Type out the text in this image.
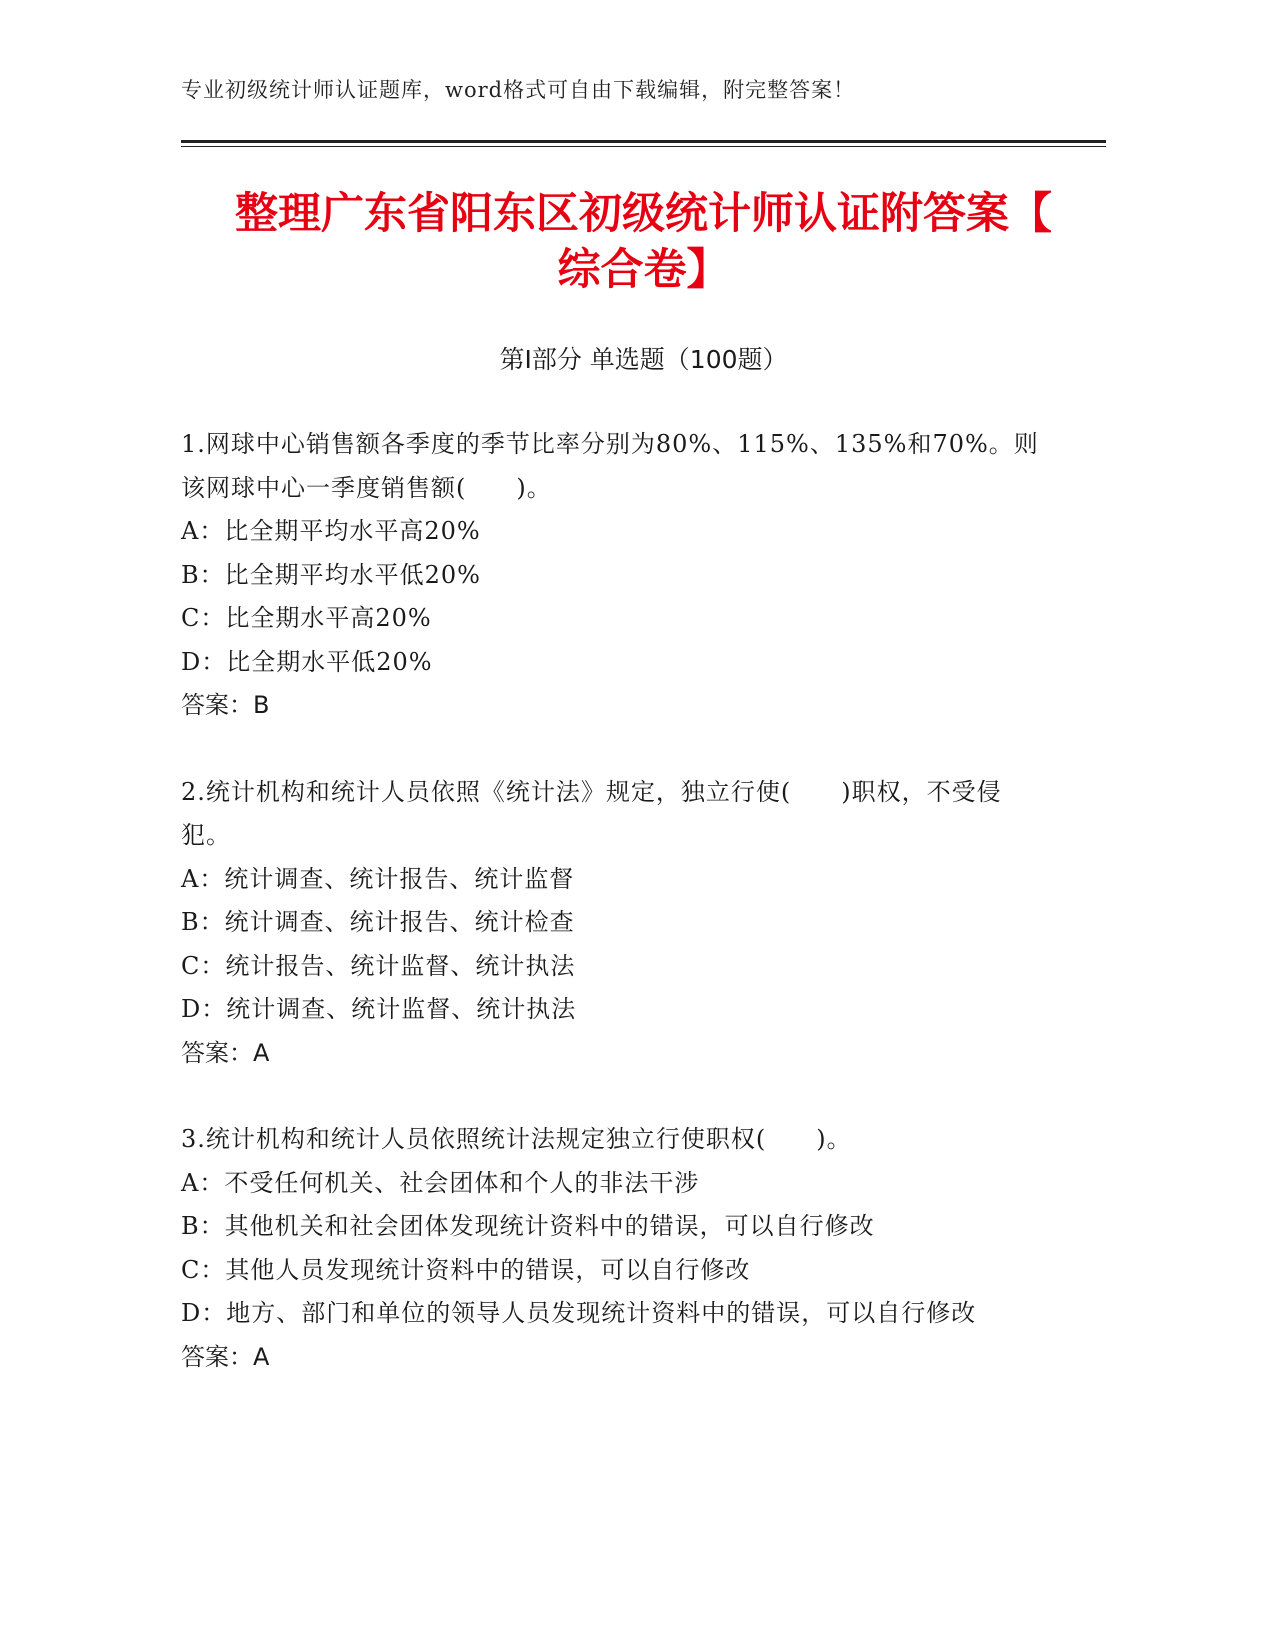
专业初级统计师认证题库，word格式可自由下载编辑，附完整答案！
整理广东省阳东区初级统计师认证附答案【
综合卷】
第Ⅰ部分 单选题（100题）

1.网球中心销售额各季度的季节比率分别为80%、115%、135%和70%。则该网球中心一季度销售额(　　)。

A：比全期平均水平高20%

B：比全期平均水平低20%

C：比全期水平高20%

D：比全期水平低20%

答案：B

2.统计机构和统计人员依照《统计法》规定，独立行使(　　)职权，不受侵犯。

A：统计调查、统计报告、统计监督

B：统计调查、统计报告、统计检查

C：统计报告、统计监督、统计执法

D：统计调查、统计监督、统计执法

答案：A

3.统计机构和统计人员依照统计法规定独立行使职权(　　)。

A：不受任何机关、社会团体和个人的非法干涉

B：其他机关和社会团体发现统计资料中的错误，可以自行修改

C：其他人员发现统计资料中的错误，可以自行修改

D：地方、部门和单位的领导人员发现统计资料中的错误，可以自行修改

答案：A
